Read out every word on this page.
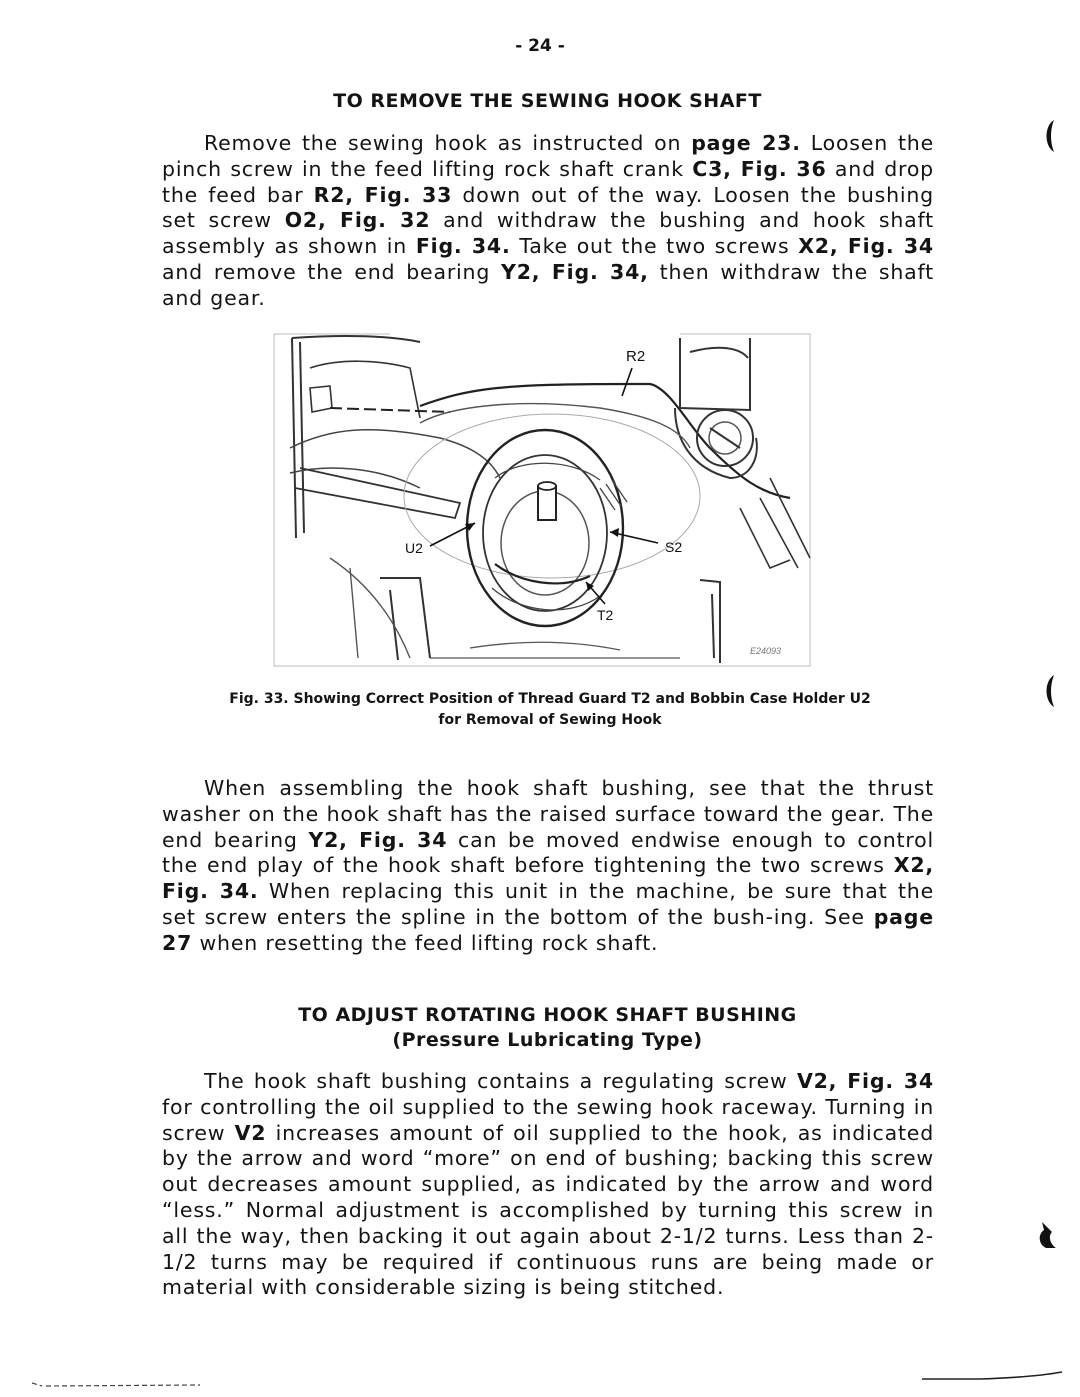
- 24 -
TO REMOVE THE SEWING HOOK SHAFT

Remove the sewing hook as instructed on page 23. Loosen the pinch screw in the feed lifting rock shaft crank C3, Fig. 36 and drop the feed bar R2, Fig. 33 down out of the way. Loosen the bushing set screw O2, Fig. 32 and withdraw the bushing and hook shaft assembly as shown in Fig. 34. Take out the two screws X2, Fig. 34 and remove the end bearing Y2, Fig. 34, then withdraw the shaft and gear.

R2
U2	S2
T2
E24093
Fig. 33. Showing Correct Position of Thread Guard T2 and Bobbin Case Holder U2
for Removal of Sewing Hook

When assembling the hook shaft bushing, see that the thrust washer on the hook shaft has the raised surface toward the gear. The end bearing Y2, Fig. 34 can be moved endwise enough to control the end play of the hook shaft before tightening the two screws X2, Fig. 34. When replacing this unit in the machine, be sure that the set screw enters the spline in the bottom of the bush-ing. See page 27 when resetting the feed lifting rock shaft.

TO ADJUST ROTATING HOOK SHAFT BUSHING
(Pressure Lubricating Type)

The hook shaft bushing contains a regulating screw V2, Fig. 34 for controlling the oil supplied to the sewing hook raceway. Turning in screw V2 increases amount of oil supplied to the hook, as indicated by the arrow and word “more” on end of bushing; backing this screw out decreases amount supplied, as indicated by the arrow and word “less.” Normal adjustment is accomplished by turning this screw in all the way, then backing it out again about 2-1/2 turns. Less than 2-1/2 turns may be required if continuous runs are being made or material with considerable sizing is being stitched.
